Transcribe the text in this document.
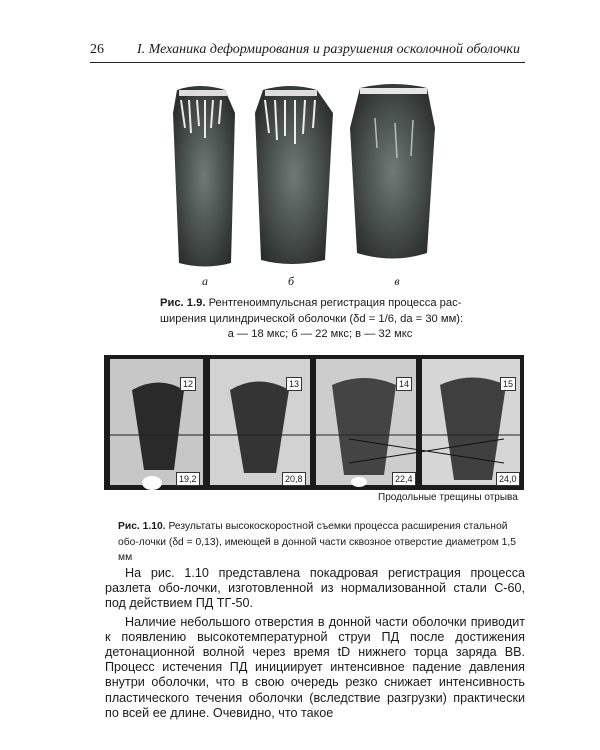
26 I. Механика деформирования и разрушения осколочной оболочки
а	б	в
Рис. 1.9. Рентгеноимпульсная регистрация процесса рас-
ширения цилиндрической оболочки (δd = 1/6, da = 30 мм):

а — 18 мкс; б — 22 мкс; в — 32 мкс
12	13	14	15
19,2	20,8	22,4	24,0
Продольные трещины отрыва
Рис. 1.10. Результаты высокоскоростной съемки процесса расширения стальной обо-лочки (δd = 0,13), имеющей в донной части сквозное отверстие диаметром 1,5 мм

На рис. 1.10 представлена покадровая регистрация процесса разлета обо-лочки, изготовленной из нормализованной стали С-60, под действием ПД ТГ-50.

Наличие небольшого отверстия в донной части оболочки приводит к появлению высокотемпературной струи ПД после достижения детонационной волной через время tD нижнего торца заряда ВВ. Процесс истечения ПД инициирует интенсивное падение давления внутри оболочки, что в свою очередь резко снижает интенсивность пластического течения оболочки (вследствие разгрузки) практически по всей ее длине. Очевидно, что такое
